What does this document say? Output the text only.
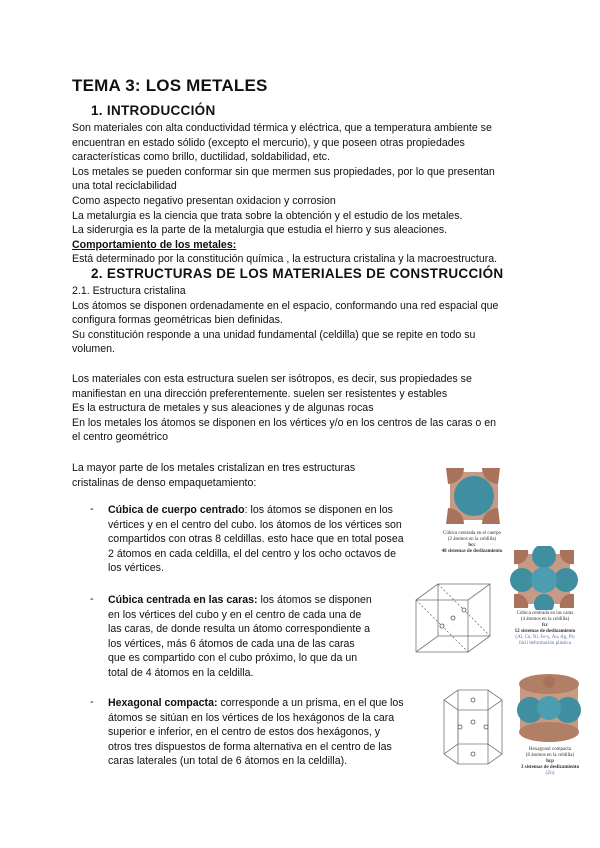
TEMA 3: LOS METALES
1. INTRODUCCIÓN
Son materiales con alta conductividad térmica y eléctrica, que a temperatura ambiente se
encuentran en estado sólido (excepto el mercurio), y que poseen otras propiedades
características como brillo, ductilidad, soldabilidad, etc.
Los metales se pueden conformar sin que mermen sus propiedades, por lo que presentan
una total reciclabilidad
Como aspecto negativo presentan oxidacion y corrosion
La metalurgia es la ciencia que trata sobre la obtención y el estudio de los metales.
La siderurgia es la parte de la metalurgia que estudia el hierro y sus aleaciones.
Comportamiento de los metales:
Está determinado por la constitución química , la estructura cristalina y la macroestructura.
2. ESTRUCTURAS DE LOS MATERIALES DE CONSTRUCCIÓN
2.1. Estructura cristalina
Los átomos se disponen ordenadamente en el espacio, conformando una red espacial que
configura formas geométricas bien definidas.
Su constitución responde a una unidad fundamental (celdilla) que se repite en todo su
volumen.
Los materiales con esta estructura suelen ser isótropos, es decir, sus propiedades se
manifiestan en una dirección preferentemente. suelen ser resistentes y estables
Es la estructura de metales y sus aleaciones y de algunas rocas
En los metales los átomos se disponen en los vértices y/o en los centros de las caras o en
el centro geométrico
La mayor parte de los metales cristalizan en tres estructuras
cristalinas de denso empaquetamiento:
- Cúbica de cuerpo centrado: los átomos se disponen en los
vértices y en el centro del cubo. los átomos de los vértices son
compartidos con otras 8 celdillas. esto hace que en total posea
2 átomos en cada celdilla, el del centro y los ocho octavos de
los vértices.
- Cúbica centrada en las caras: los átomos se disponen
en los vértices del cubo y en el centro de cada una de
las caras, de donde resulta un átomo correspondiente a
los vértices, más 6 átomos de cada una de las caras
que es compartido con el cubo próximo, lo que da un
total de 4 átomos en la celdilla.
- Hexagonal compacta: corresponde a un prisma, en el que los
átomos se sitúan en los vértices de los hexágonos de la cara
superior e inferior, en el centro de estos dos hexágonos, y
otros tres dispuestos de forma alternativa en el centro de las
caras laterales (un total de 6 átomos en la celdilla).
Cúbica centrada en el cuerpo
(2 átomos en la celdilla)
bcc
48 sistemas de deslizamiento
Cúbica centrada en las caras
(4 átomos en la celdilla)
fcc
12 sistemas de deslizamiento
(Al, Cu, Ni, Fe-γ, Au, Ag, Pt)
fácil deformación plástica
Hexagonal compacta
(6 átomos en la celdilla)
hcp
3 sistemas de deslizamiento
(Zn)
